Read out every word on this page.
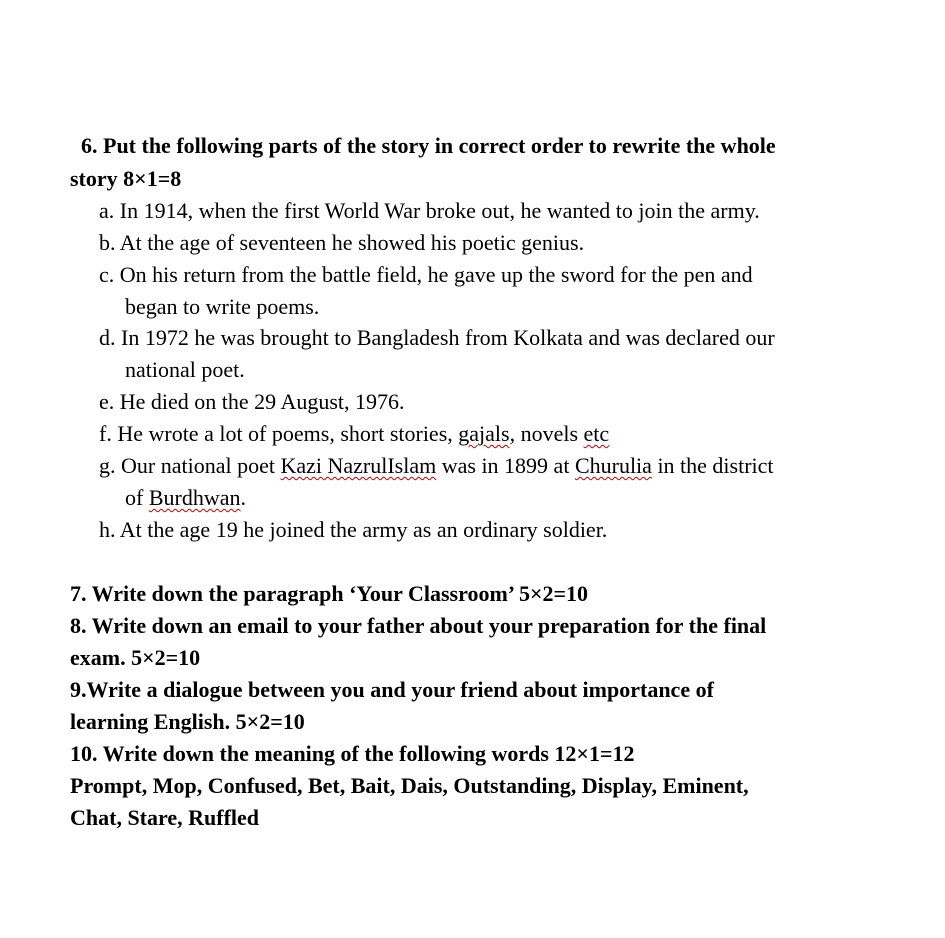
6. Put the following parts of the story in correct order to rewrite the whole
story 8×1=8
a. In 1914, when the first World War broke out, he wanted to join the army.
b. At the age of seventeen he showed his poetic genius.
c. On his return from the battle field, he gave up the sword for the pen and
began to write poems.
d. In 1972 he was brought to Bangladesh from Kolkata and was declared our
national poet.
e. He died on the 29 August, 1976.
f. He wrote a lot of poems, short stories, gajals, novels etc
g. Our national poet Kazi NazrulIslam was in 1899 at Churulia in the district
of Burdhwan.
h. At the age 19 he joined the army as an ordinary soldier.
7. Write down the paragraph ‘Your Classroom’ 5×2=10
8. Write down an email to your father about your preparation for the final
exam. 5×2=10
9.Write a dialogue between you and your friend about importance of
learning English. 5×2=10
10. Write down the meaning of the following words 12×1=12
Prompt, Mop, Confused, Bet, Bait, Dais, Outstanding, Display, Eminent,
Chat, Stare, Ruffled
